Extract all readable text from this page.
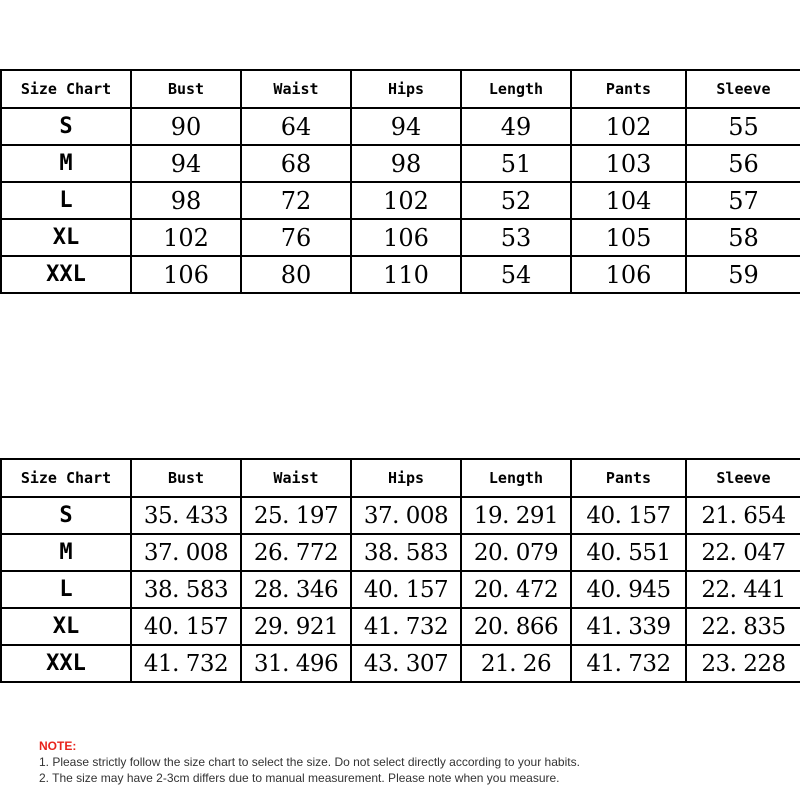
Size Chart	Bust	Waist	Hips	Length	Pants	Sleeve
S	90	64	94	49	102	55
M	94	68	98	51	103	56
L	98	72	102	52	104	57
XL	102	76	106	53	105	58
XXL	106	80	110	54	106	59
Size Chart	Bust	Waist	Hips	Length	Pants	Sleeve
S	35. 433	25. 197	37. 008	19. 291	40. 157	21. 654
M	37. 008	26. 772	38. 583	20. 079	40. 551	22. 047
L	38. 583	28. 346	40. 157	20. 472	40. 945	22. 441
XL	40. 157	29. 921	41. 732	20. 866	41. 339	22. 835
XXL	41. 732	31. 496	43. 307	21. 26	41. 732	23. 228
NOTE:
1. Please strictly follow the size chart to select the size. Do not select directly according to your habits.
2. The size may have 2-3cm differs due to manual measurement. Please note when you measure.
